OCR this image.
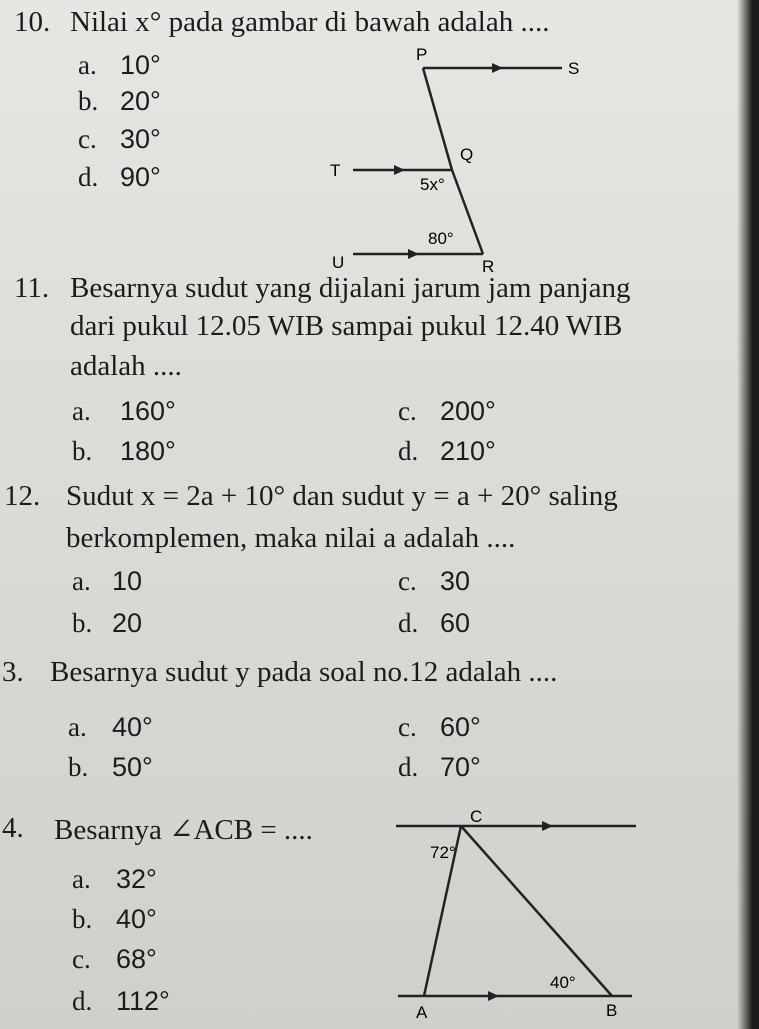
10. Nilai x° pada gambar di bawah adalah ....
a. 10°
b. 20°
c. 30°
d. 90°
P
S
T
Q
5x°
80°
U	R
11. Besarnya sudut yang dijalani jarum jam panjang
dari pukul 12.05 WIB sampai pukul 12.40 WIB
adalah ....
a. 160°
b. 180°
c. 200°
d. 210°
12. Sudut x = 2a + 10° dan sudut y = a + 20° saling
berkomplemen, maka nilai a adalah ....
a. 10
b. 20
c. 30
d. 60
3. Besarnya sudut y pada soal no.12 adalah ....
a. 40°
b. 50°
c. 60°
d. 70°
4. Besarnya ∠ACB = ....
a. 32°
b. 40°
c. 68°
d. 112°
C
72°
40°
A	B
